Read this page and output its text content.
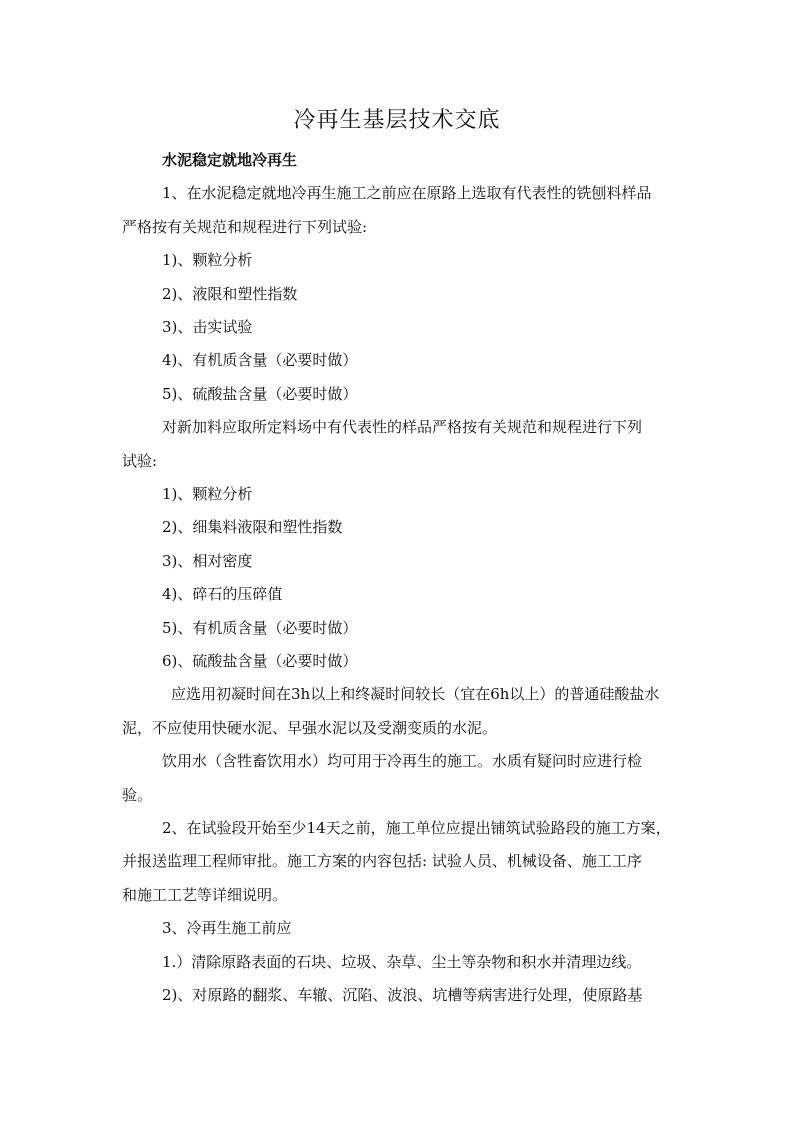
冷再生基层技术交底
水泥稳定就地冷再生
1、在水泥稳定就地冷再生施工之前应在原路上选取有代表性的铣刨料样品
严格按有关规范和规程进行下列试验:
1)、颗粒分析
2)、液限和塑性指数
3)、击实试验
4)、有机质含量（必要时做）
5)、硫酸盐含量（必要时做）
对新加料应取所定料场中有代表性的样品严格按有关规范和规程进行下列
试验:
1)、颗粒分析
2)、细集料液限和塑性指数
3)、相对密度
4)、碎石的压碎值
5)、有机质含量（必要时做）
6)、硫酸盐含量（必要时做）
应选用初凝时间在3h以上和终凝时间较长（宜在6h以上）的普通硅酸盐水
泥，不应使用快硬水泥、早强水泥以及受潮变质的水泥。
饮用水（含牲畜饮用水）均可用于冷再生的施工。水质有疑问时应进行检
验。
2、在试验段开始至少14天之前，施工单位应提出铺筑试验路段的施工方案，
并报送监理工程师审批。施工方案的内容包括: 试验人员、机械设备、施工工序
和施工工艺等详细说明。
3、冷再生施工前应
1.）清除原路表面的石块、垃圾、杂草、尘土等杂物和积水并清理边线。
2)、对原路的翻浆、车辙、沉陷、波浪、坑槽等病害进行处理，使原路基
